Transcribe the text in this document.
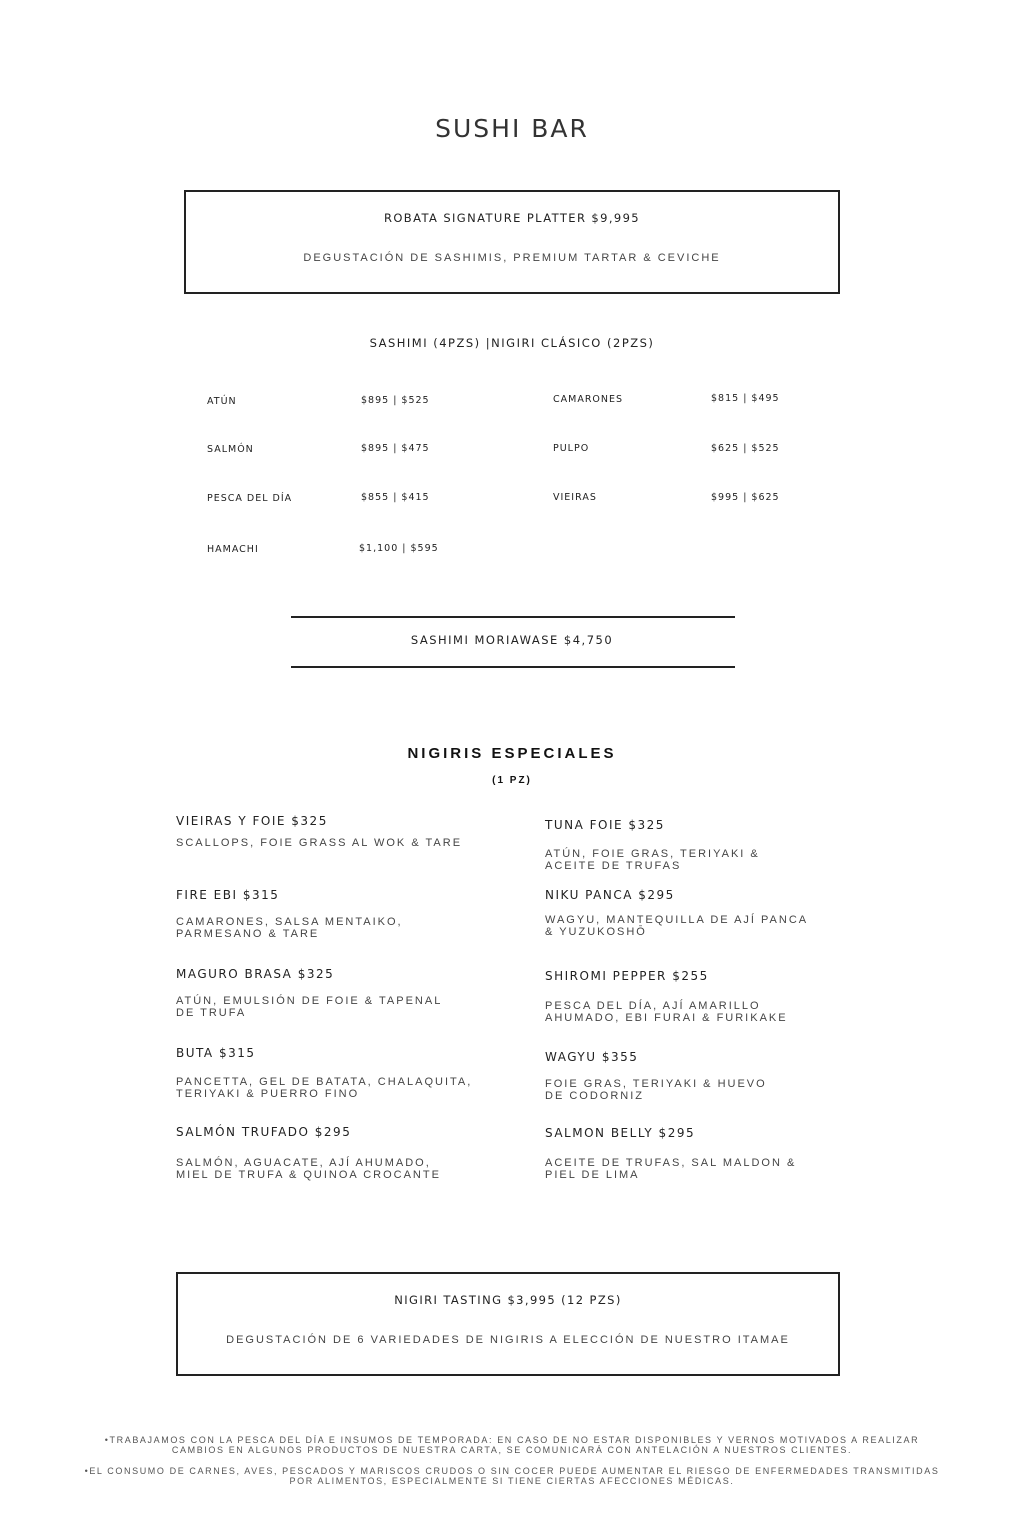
SUSHI BAR
ROBATA SIGNATURE PLATTER $9,995
DEGUSTACIÓN DE SASHIMIS, PREMIUM TARTAR & CEVICHE
SASHIMI (4PZS) |NIGIRI CLÁSICO (2PZS)
ATÚN	$895 | $525
SALMÓN	$895 | $475
PESCA DEL DÍA	$855 | $415
HAMACHI	$1,100 | $595
CAMARONES	$815 | $495
PULPO	$625 | $525
VIEIRAS	$995 | $625
SASHIMI MORIAWASE $4,750
NIGIRIS ESPECIALES
(1 PZ)
VIEIRAS Y FOIE $325
SCALLOPS, FOIE GRASS AL WOK & TARE
FIRE EBI $315
CAMARONES, SALSA MENTAIKO,
PARMESANO & TARE
MAGURO BRASA $325
ATÚN, EMULSIÓN DE FOIE & TAPENAL
DE TRUFA
BUTA $315
PANCETTA, GEL DE BATATA, CHALAQUITA,
TERIYAKI & PUERRO FINO
SALMÓN TRUFADO $295
SALMÓN, AGUACATE, AJÍ AHUMADO,
MIEL DE TRUFA & QUINOA CROCANTE
TUNA FOIE $325
ATÚN, FOIE GRAS, TERIYAKI &
ACEITE DE TRUFAS
NIKU PANCA $295
WAGYU, MANTEQUILLA DE AJÍ PANCA
& YUZUKOSHŌ
SHIROMI PEPPER $255
PESCA DEL DÍA, AJÍ AMARILLO
AHUMADO, EBI FURAI & FURIKAKE
WAGYU $355
FOIE GRAS, TERIYAKI & HUEVO
DE CODORNIZ
SALMON BELLY $295
ACEITE DE TRUFAS, SAL MALDON &
PIEL DE LIMA
NIGIRI TASTING $3,995 (12 PZS)
DEGUSTACIÓN DE 6 VARIEDADES DE NIGIRIS A ELECCIÓN DE NUESTRO ITAMAE
•TRABAJAMOS CON LA PESCA DEL DÍA E INSUMOS DE TEMPORADA: EN CASO DE NO ESTAR DISPONIBLES Y VERNOS MOTIVADOS A REALIZAR
CAMBIOS EN ALGUNOS PRODUCTOS DE NUESTRA CARTA, SE COMUNICARÁ CON ANTELACIÓN A NUESTROS CLIENTES.
•EL CONSUMO DE CARNES, AVES, PESCADOS Y MARISCOS CRUDOS O SIN COCER PUEDE AUMENTAR EL RIESGO DE ENFERMEDADES TRANSMITIDAS
POR ALIMENTOS, ESPECIALMENTE SI TIENE CIERTAS AFECCIONES MÉDICAS.
